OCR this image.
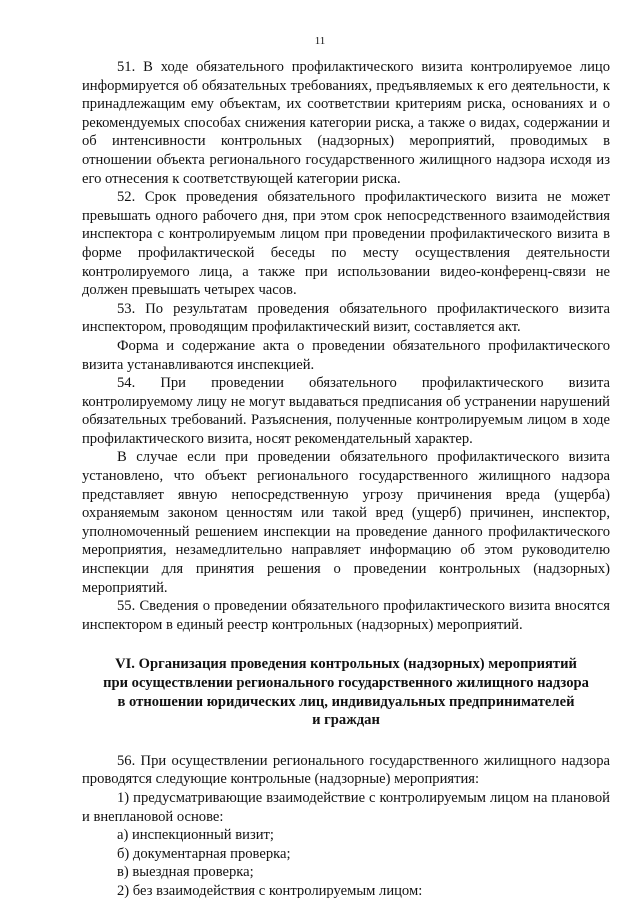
11

51. В ходе обязательного профилактического визита контролируемое лицо информируется об обязательных требованиях, предъявляемых к его деятельности, к принадлежащим ему объектам, их соответствии критериям риска, основаниях и о рекомендуемых способах снижения категории риска, а также о видах, содержании и об интенсивности контрольных (надзорных) мероприятий, проводимых в отношении объекта регионального государственного жилищного надзора исходя из его отнесения к соответствующей категории риска.

52. Срок проведения обязательного профилактического визита не может превышать одного рабочего дня, при этом срок непосредственного взаимодействия инспектора с контролируемым лицом при проведении профилактического визита в форме профилактической беседы по месту осуществления деятельности контролируемого лица, а также при использовании видео-конференц-связи не должен превышать четырех часов.

53. По результатам проведения обязательного профилактического визита инспектором, проводящим профилактический визит, составляется акт.

Форма и содержание акта о проведении обязательного профилактического визита устанавливаются инспекцией.

54. При проведении обязательного профилактического визита контролируемому лицу не могут выдаваться предписания об устранении нарушений обязательных требований. Разъяснения, полученные контролируемым лицом в ходе профилактического визита, носят рекомендательный характер.

В случае если при проведении обязательного профилактического визита установлено, что объект регионального государственного жилищного надзора представляет явную непосредственную угрозу причинения вреда (ущерба) охраняемым законом ценностям или такой вред (ущерб) причинен, инспектор, уполномоченный решением инспекции на проведение данного профилактического мероприятия, незамедлительно направляет информацию об этом руководителю инспекции для принятия решения о проведении контрольных (надзорных) мероприятий.

55. Сведения о проведении обязательного профилактического визита вносятся инспектором в единый реестр контрольных (надзорных) мероприятий.

VI. Организация проведения контрольных (надзорных) мероприятий
при осуществлении регионального государственного жилищного надзора
в отношении юридических лиц, индивидуальных предпринимателей
и граждан

56. При осуществлении регионального государственного жилищного надзора проводятся следующие контрольные (надзорные) мероприятия:

1) предусматривающие взаимодействие с контролируемым лицом на плановой и внеплановой основе:

а) инспекционный визит;

б) документарная проверка;

в) выездная проверка;

2) без взаимодействия с контролируемым лицом:
